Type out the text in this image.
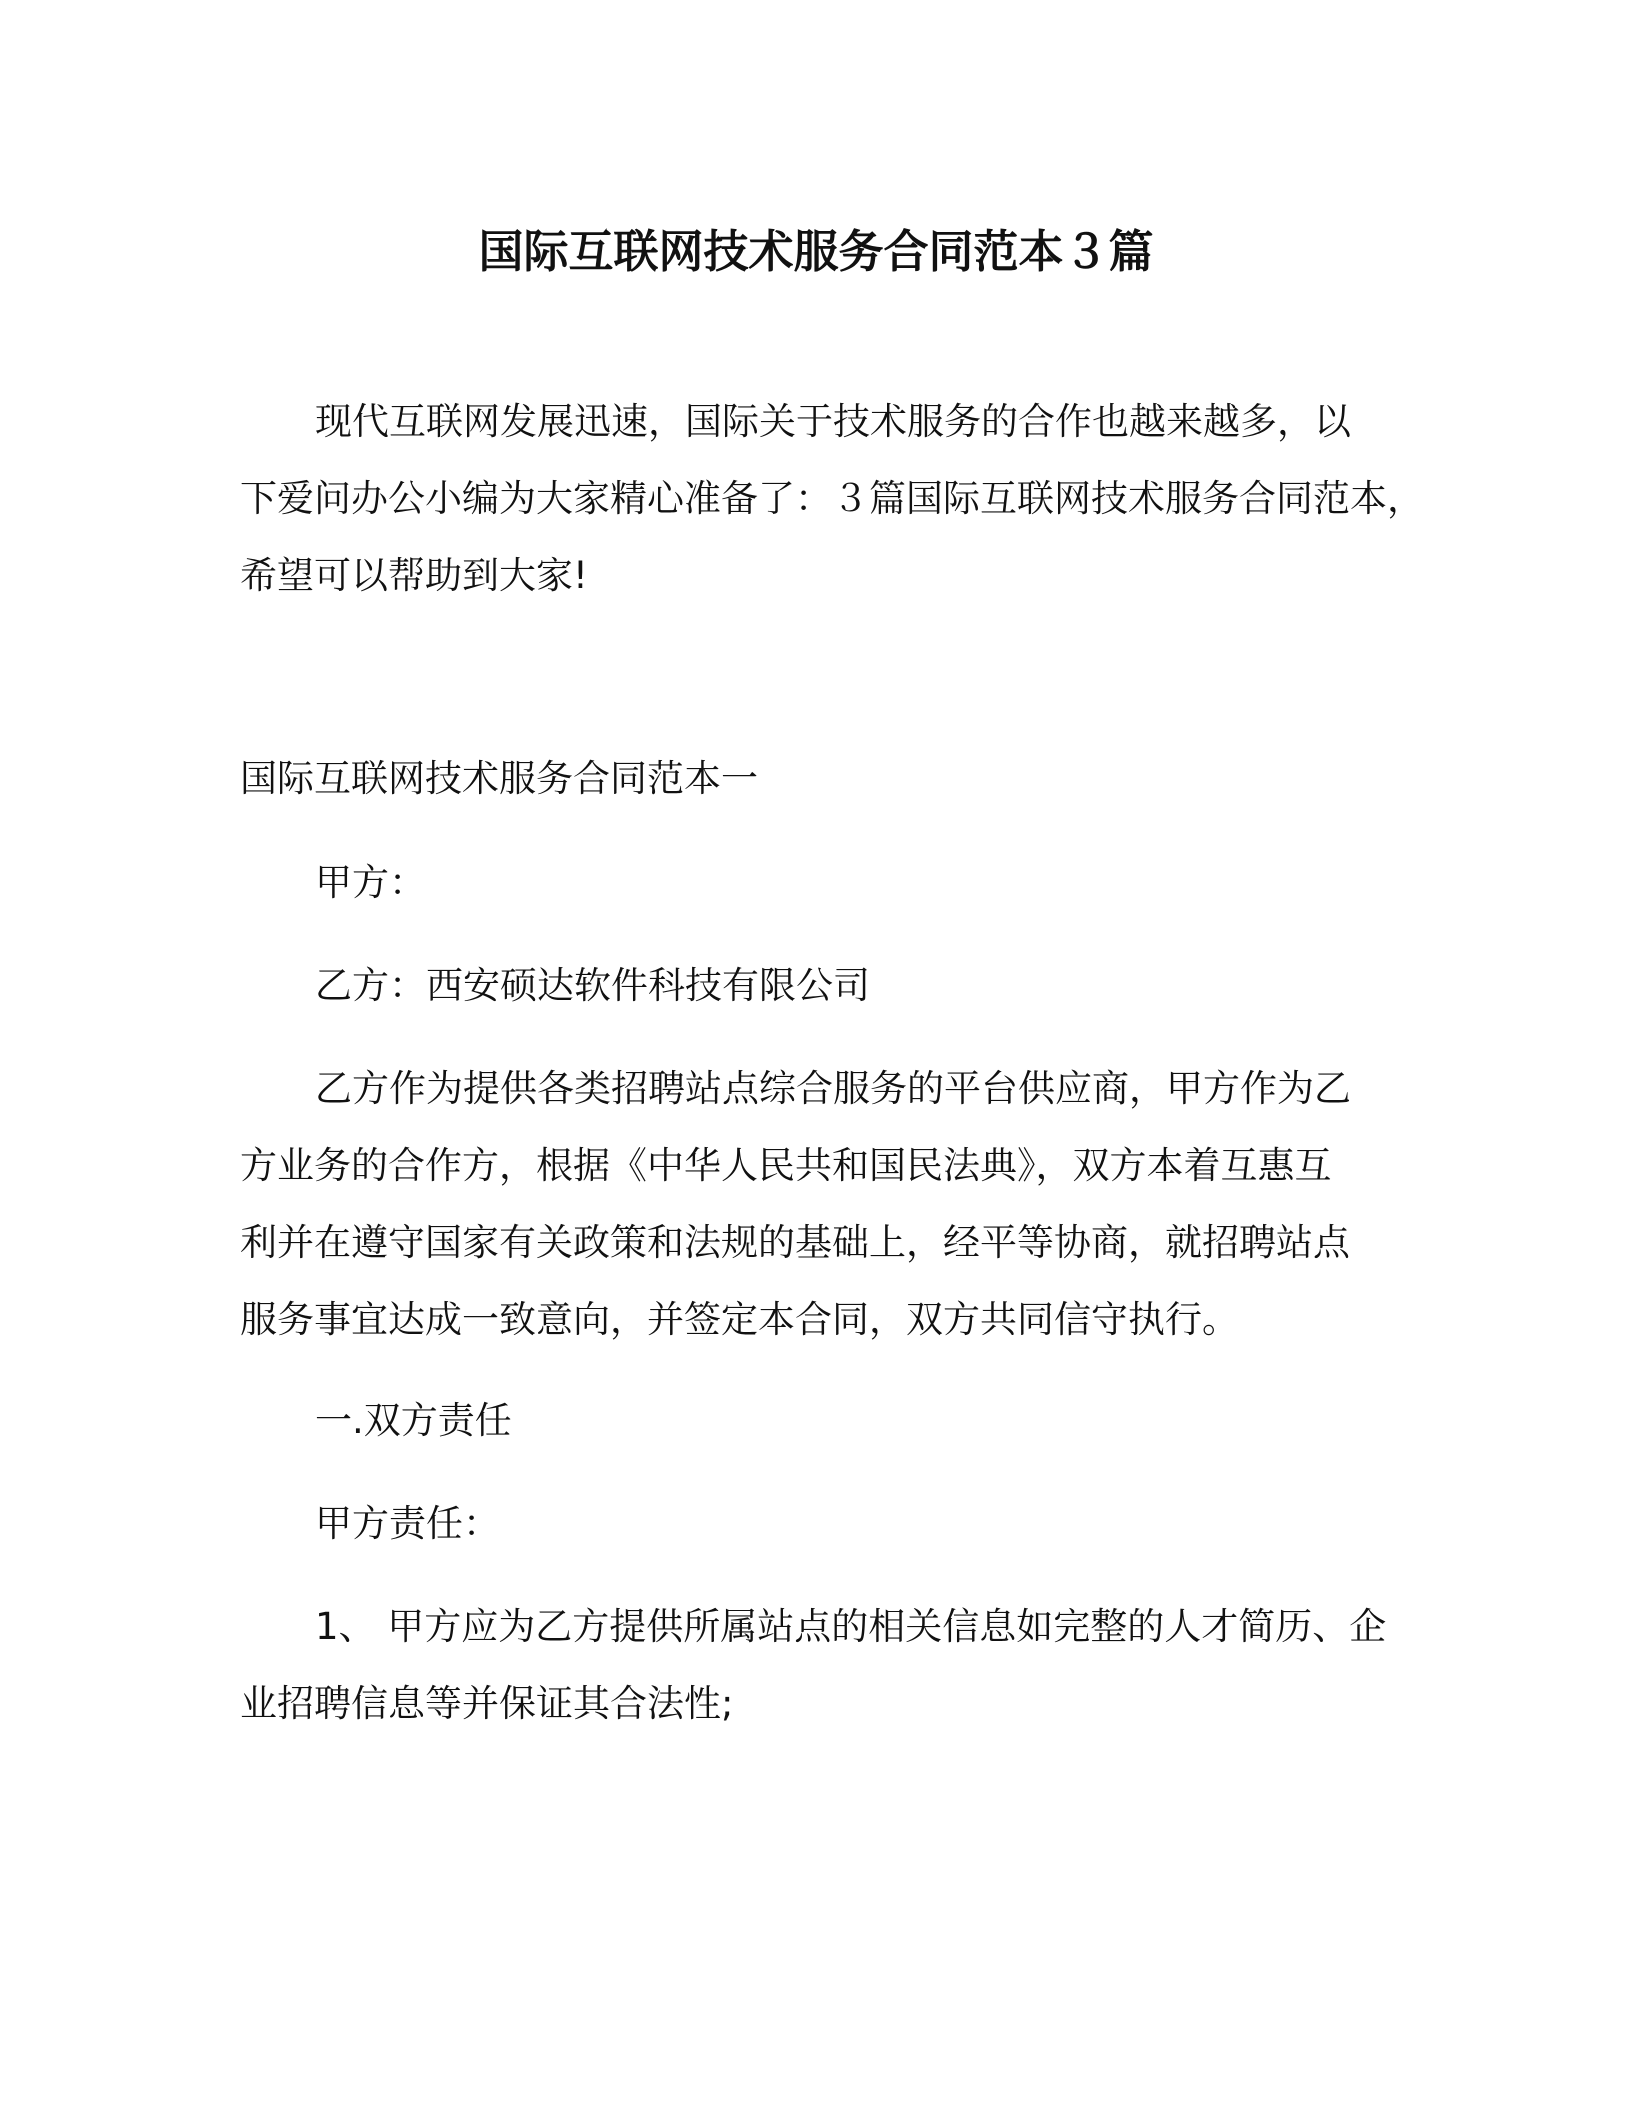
国际互联网技术服务合同范本３篇
现代互联网发展迅速，国际关于技术服务的合作也越来越多，以
下爱问办公小编为大家精心准备了：３篇国际互联网技术服务合同范本，
希望可以帮助到大家!
国际互联网技术服务合同范本一
甲方：
乙方：西安硕达软件科技有限公司
乙方作为提供各类招聘站点综合服务的平台供应商，甲方作为乙
方业务的合作方，根据《中华人民共和国民法典》，双方本着互惠互
利并在遵守国家有关政策和法规的基础上，经平等协商，就招聘站点
服务事宜达成一致意向，并签定本合同，双方共同信守执行。
一.双方责任
甲方责任：
1、 甲方应为乙方提供所属站点的相关信息如完整的人才简历、企
业招聘信息等并保证其合法性;
